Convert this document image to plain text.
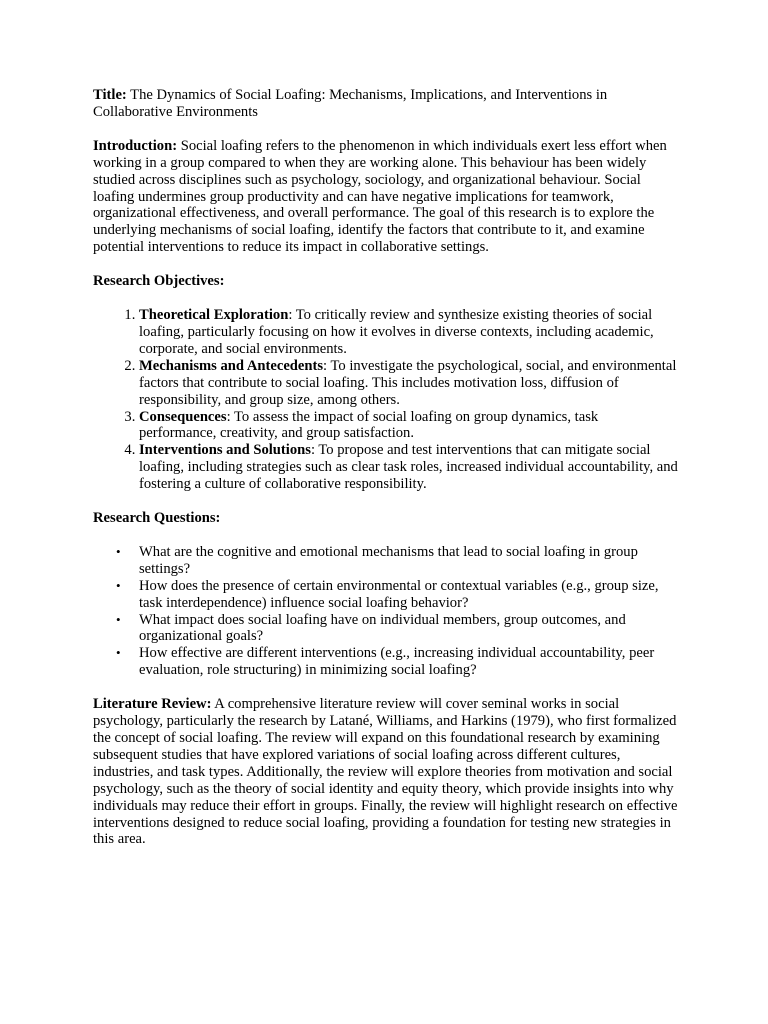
Title: The Dynamics of Social Loafing: Mechanisms, Implications, and Interventions in Collaborative Environments

Introduction: Social loafing refers to the phenomenon in which individuals exert less effort when working in a group compared to when they are working alone. This behaviour has been widely studied across disciplines such as psychology, sociology, and organizational behaviour. Social loafing undermines group productivity and can have negative implications for teamwork, organizational effectiveness, and overall performance. The goal of this research is to explore the underlying mechanisms of social loafing, identify the factors that contribute to it, and examine potential interventions to reduce its impact in collaborative settings.

Research Objectives:

1. Theoretical Exploration: To critically review and synthesize existing theories of social loafing, particularly focusing on how it evolves in diverse contexts, including academic, corporate, and social environments.
2. Mechanisms and Antecedents: To investigate the psychological, social, and environmental factors that contribute to social loafing. This includes motivation loss, diffusion of responsibility, and group size, among others.
3. Consequences: To assess the impact of social loafing on group dynamics, task performance, creativity, and group satisfaction.
4. Interventions and Solutions: To propose and test interventions that can mitigate social loafing, including strategies such as clear task roles, increased individual accountability, and fostering a culture of collaborative responsibility.

Research Questions:

• What are the cognitive and emotional mechanisms that lead to social loafing in group settings?
• How does the presence of certain environmental or contextual variables (e.g., group size, task interdependence) influence social loafing behavior?
• What impact does social loafing have on individual members, group outcomes, and organizational goals?
• How effective are different interventions (e.g., increasing individual accountability, peer evaluation, role structuring) in minimizing social loafing?

Literature Review: A comprehensive literature review will cover seminal works in social psychology, particularly the research by Latané, Williams, and Harkins (1979), who first formalized the concept of social loafing. The review will expand on this foundational research by examining subsequent studies that have explored variations of social loafing across different cultures, industries, and task types. Additionally, the review will explore theories from motivation and social psychology, such as the theory of social identity and equity theory, which provide insights into why individuals may reduce their effort in groups. Finally, the review will highlight research on effective interventions designed to reduce social loafing, providing a foundation for testing new strategies in this area.
